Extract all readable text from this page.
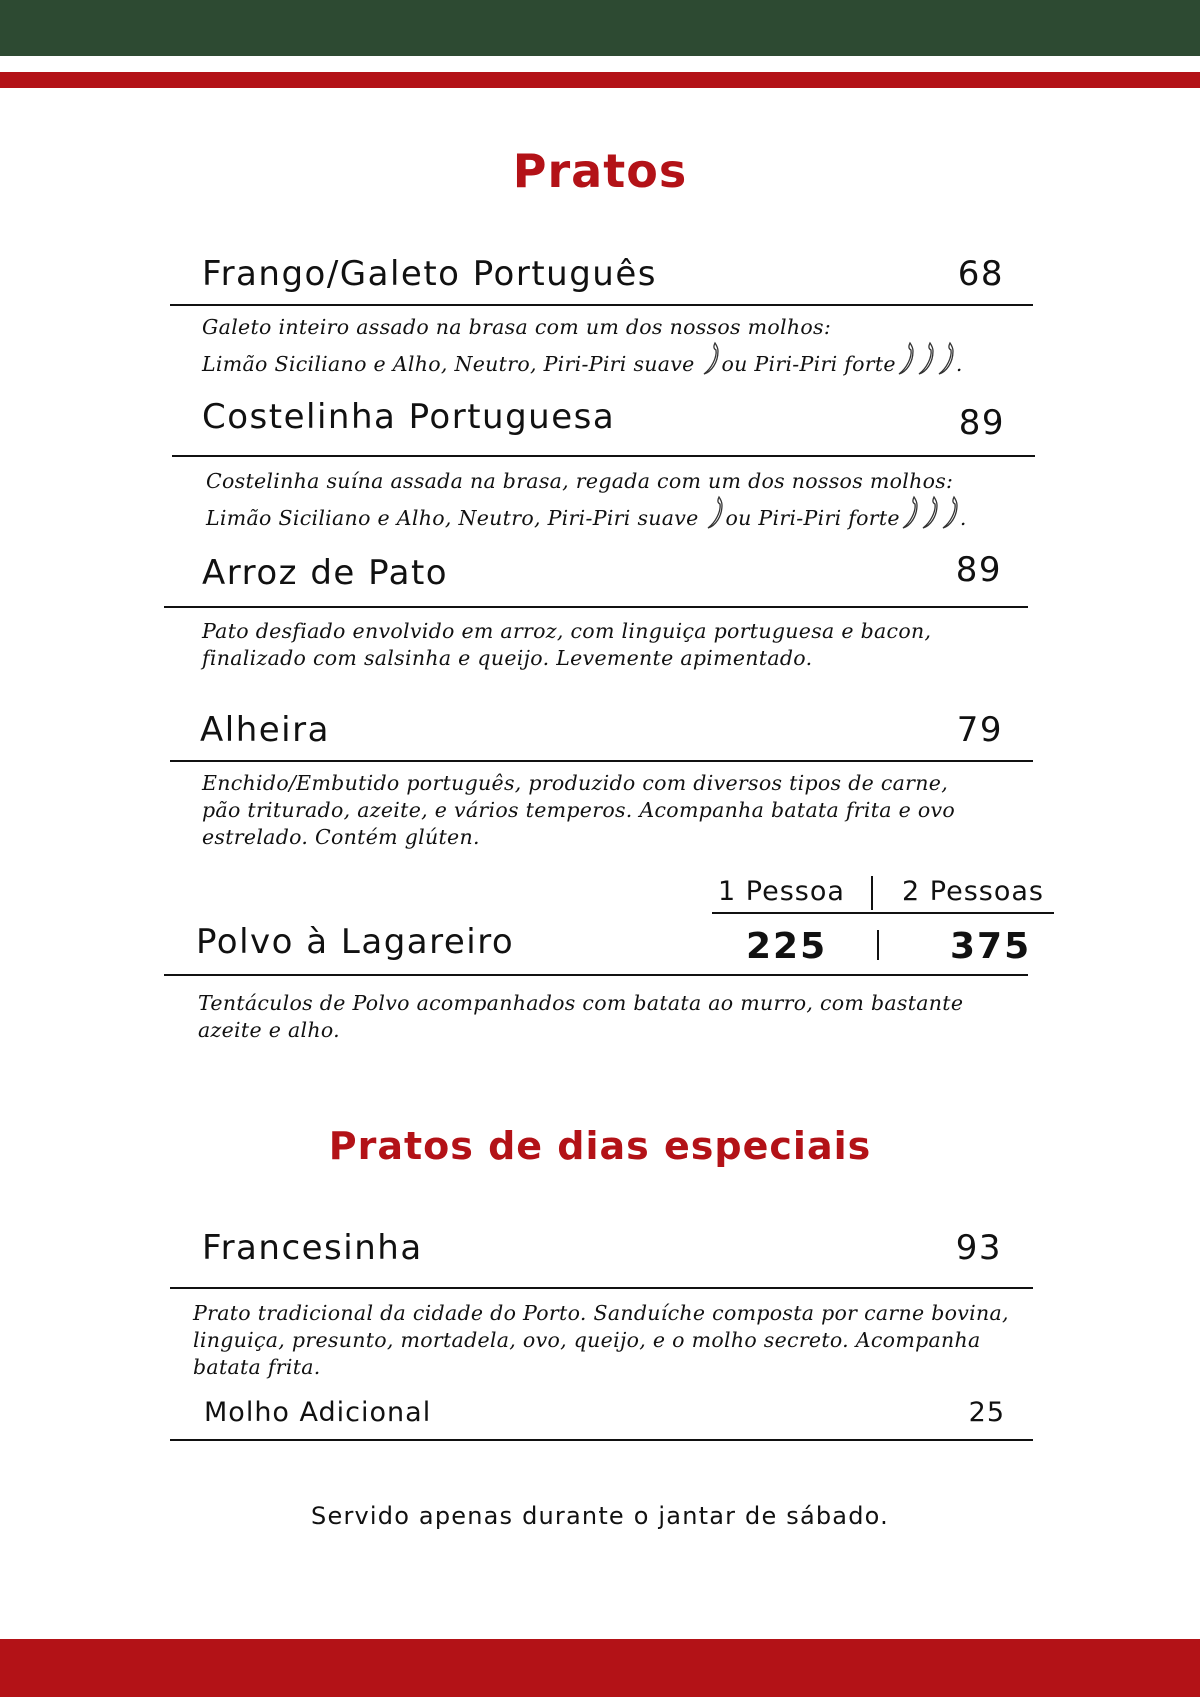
Pratos
Frango/Galeto Português	68
Galeto inteiro assado na brasa com um dos nossos molhos:
Limão Siciliano e Alho, Neutro, Piri-Piri suave ou Piri-Piri forte	.
Costelinha Portuguesa	89
Costelinha suína assada na brasa, regada com um dos nossos molhos:
Limão Siciliano e Alho, Neutro, Piri-Piri suave ou Piri-Piri forte	.
Arroz de Pato	89
Pato desfiado envolvido em arroz, com linguiça portuguesa e bacon,
finalizado com salsinha e queijo. Levemente apimentado.
Alheira	79
Enchido/Embutido português, produzido com diversos tipos de carne,
pão triturado, azeite, e vários temperos. Acompanha batata frita e ovo
estrelado. Contém glúten.
1 Pessoa 2 Pessoas
Polvo à Lagareiro	225	375
Tentáculos de Polvo acompanhados com batata ao murro, com bastante
azeite e alho.
Pratos de dias especiais
Francesinha	93
Prato tradicional da cidade do Porto. Sanduíche composta por carne bovina,
linguiça, presunto, mortadela, ovo, queijo, e o molho secreto. Acompanha
batata frita.
Molho Adicional	25
Servido apenas durante o jantar de sábado.
